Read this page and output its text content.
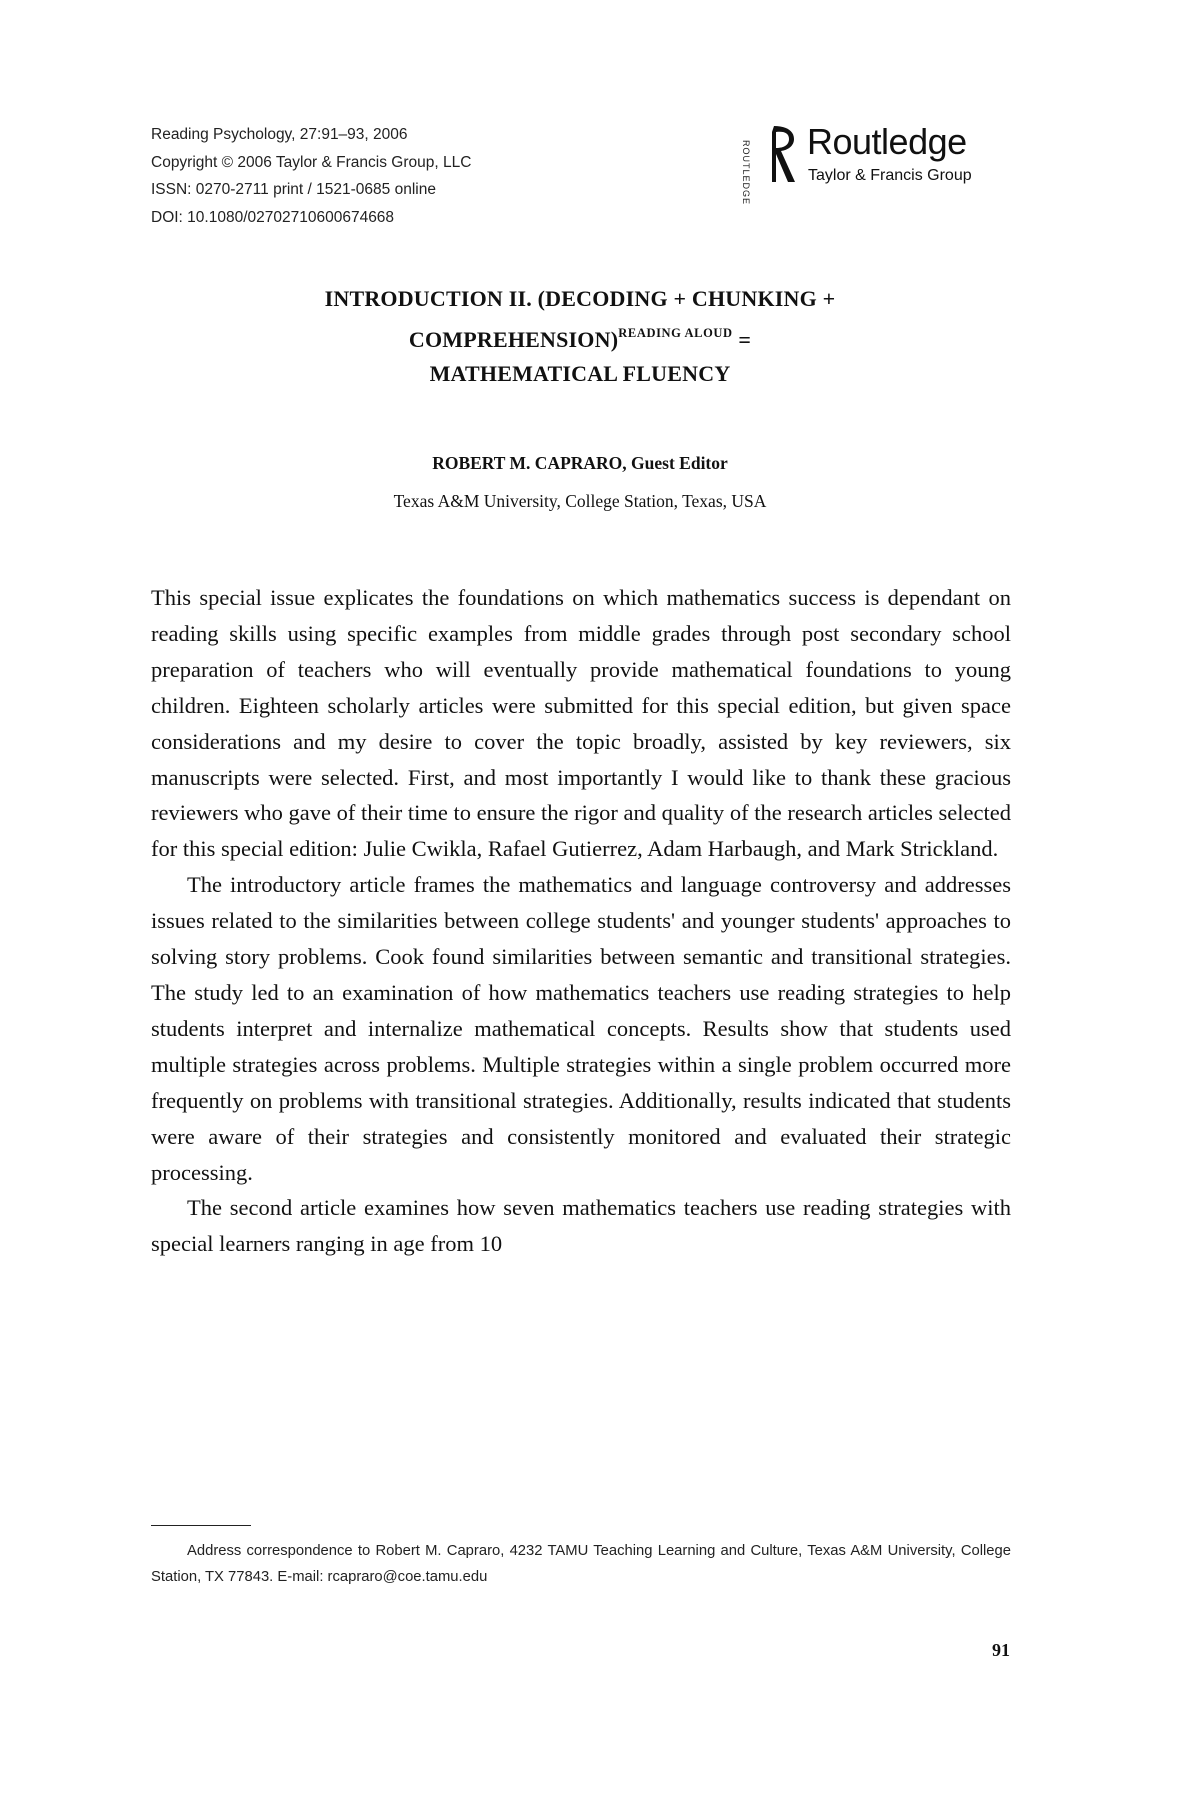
Reading Psychology, 27:91–93, 2006
Copyright © 2006 Taylor & Francis Group, LLC
ISSN: 0270-2711 print / 1521-0685 online
DOI: 10.1080/02702710600674668
ROUTLEDGE Routledge
Taylor & Francis Group
INTRODUCTION II. (DECODING + CHUNKING +
COMPREHENSION)$^{READING ALOUD}$ =
MATHEMATICAL FLUENCY
ROBERT M. CAPRARO, Guest Editor
Texas A&M University, College Station, Texas, USA

This special issue explicates the foundations on which mathematics success is dependant on reading skills using specific examples from middle grades through post secondary school preparation of teachers who will eventually provide mathematical foundations to young children. Eighteen scholarly articles were submitted for this special edition, but given space considerations and my desire to cover the topic broadly, assisted by key reviewers, six manuscripts were selected. First, and most importantly I would like to thank these gracious reviewers who gave of their time to ensure the rigor and quality of the research articles selected for this special edition: Julie Cwikla, Rafael Gutierrez, Adam Harbaugh, and Mark Strickland.

The introductory article frames the mathematics and language controversy and addresses issues related to the similarities between college students' and younger students' approaches to solving story problems. Cook found similarities between semantic and transitional strategies. The study led to an examination of how mathematics teachers use reading strategies to help students interpret and internalize mathematical concepts. Results show that students used multiple strategies across problems. Multiple strategies within a single problem occurred more frequently on problems with transitional strategies. Additionally, results indicated that students were aware of their strategies and consistently monitored and evaluated their strategic processing.

The second article examines how seven mathematics teachers use reading strategies with special learners ranging in age from 10

Address correspondence to Robert M. Capraro, 4232 TAMU Teaching Learning and Culture, Texas A&M University, College Station, TX 77843. E-mail: rcapraro@coe.tamu.edu
91
